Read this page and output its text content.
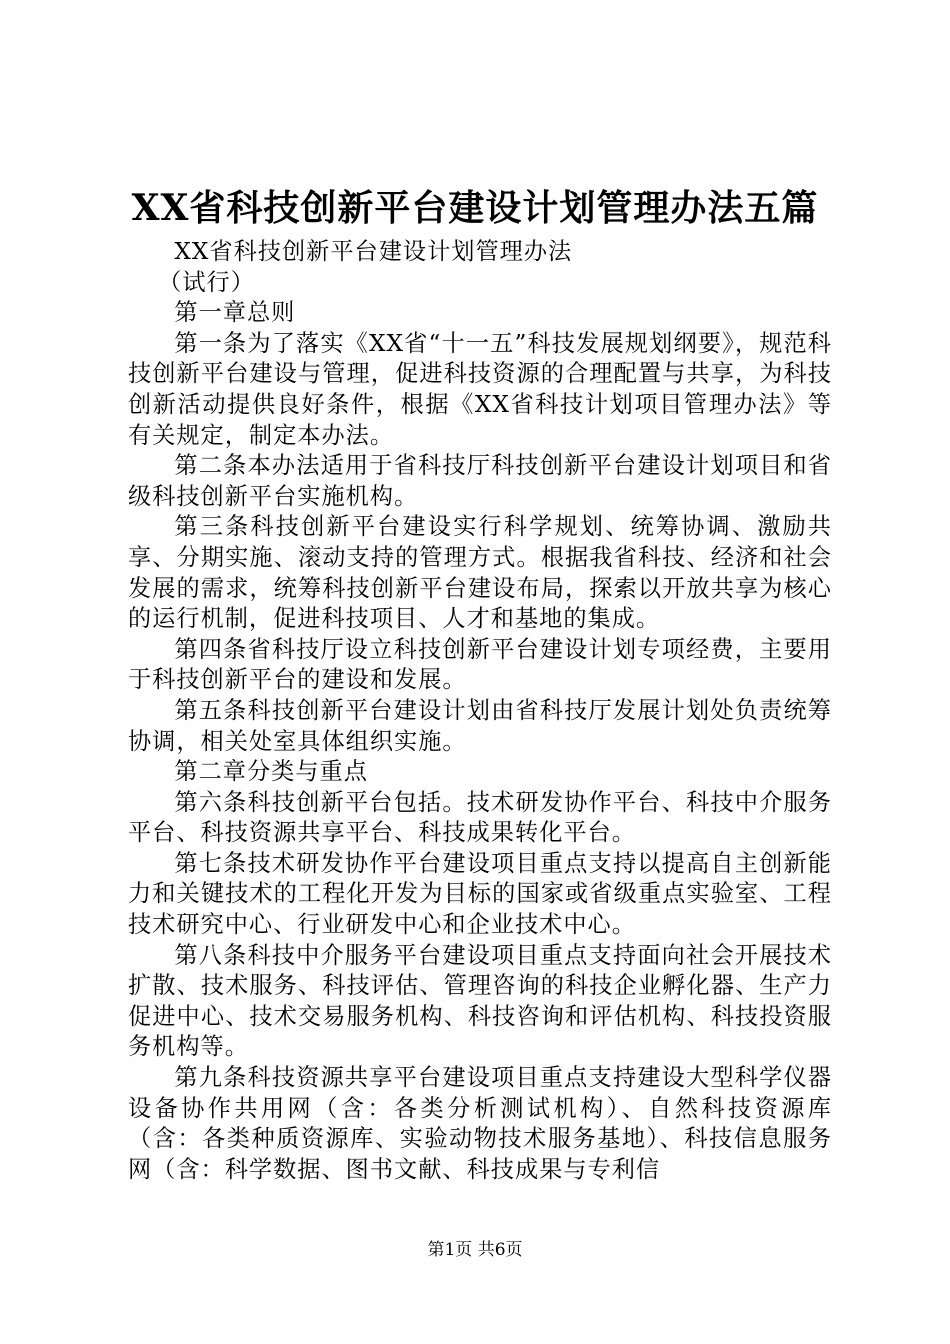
XX省科技创新平台建设计划管理办法五篇

XX省科技创新平台建设计划管理办法

（试行）

第一章总则

第一条为了落实《XX省“十一五”科技发展规划纲要》，规范科技创新平台建设与管理，促进科技资源的合理配置与共享，为科技创新活动提供良好条件，根据《XX省科技计划项目管理办法》等有关规定，制定本办法。

第二条本办法适用于省科技厅科技创新平台建设计划项目和省级科技创新平台实施机构。

第三条科技创新平台建设实行科学规划、统筹协调、激励共享、分期实施、滚动支持的管理方式。根据我省科技、经济和社会发展的需求，统筹科技创新平台建设布局，探索以开放共享为核心的运行机制，促进科技项目、人才和基地的集成。

第四条省科技厅设立科技创新平台建设计划专项经费，主要用于科技创新平台的建设和发展。

第五条科技创新平台建设计划由省科技厅发展计划处负责统筹协调，相关处室具体组织实施。

第二章分类与重点

第六条科技创新平台包括。技术研发协作平台、科技中介服务平台、科技资源共享平台、科技成果转化平台。

第七条技术研发协作平台建设项目重点支持以提高自主创新能力和关键技术的工程化开发为目标的国家或省级重点实验室、工程技术研究中心、行业研发中心和企业技术中心。

第八条科技中介服务平台建设项目重点支持面向社会开展技术扩散、技术服务、科技评估、管理咨询的科技企业孵化器、生产力促进中心、技术交易服务机构、科技咨询和评估机构、科技投资服务机构等。

第九条科技资源共享平台建设项目重点支持建设大型科学仪器设备协作共用网（含：各类分析测试机构）、自然科技资源库（含：各类种质资源库、实验动物技术服务基地）、科技信息服务网（含：科学数据、图书文献、科技成果与专利信

第1页 共6页
